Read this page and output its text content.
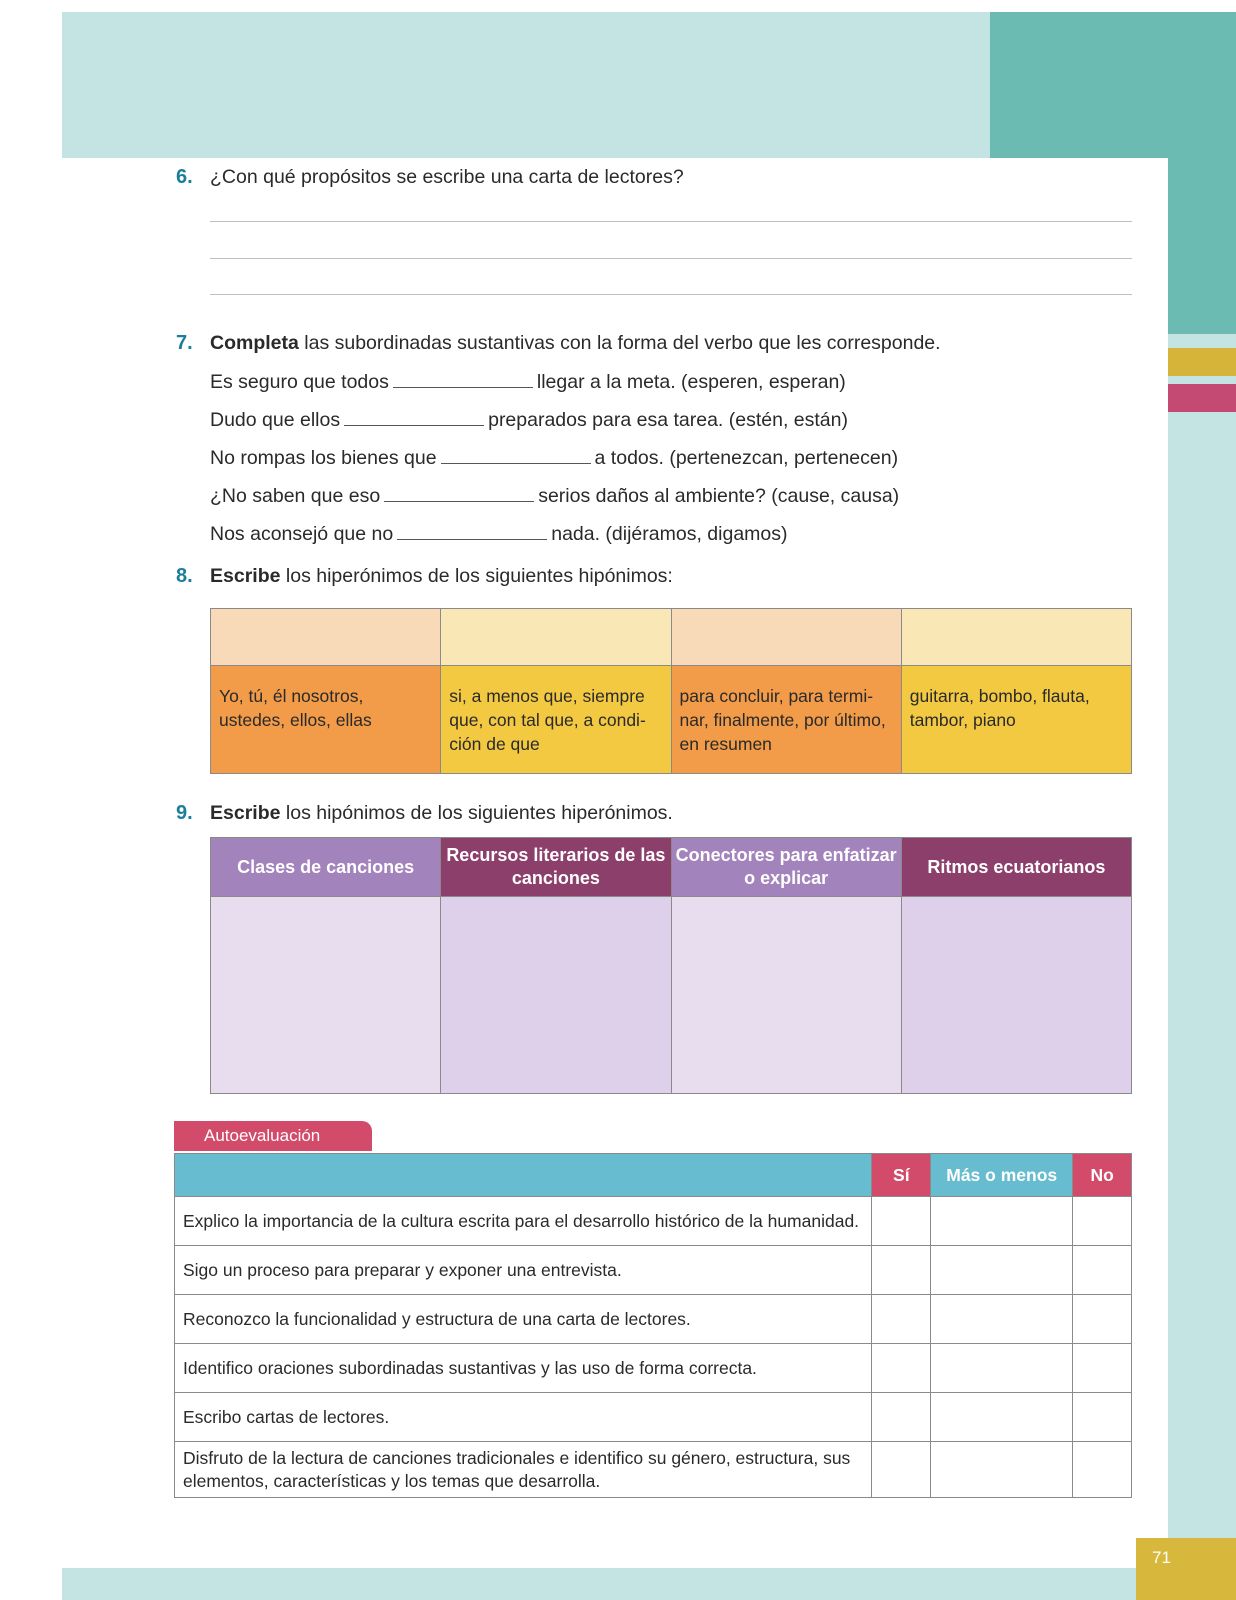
71
6. ¿Con qué propósitos se escribe una carta de lectores?
7. Completa las subordinadas sustantivas con la forma del verbo que les corresponde.
Es seguro que todos	llegar a la meta. (esperen, esperan)
Dudo que ellos	preparados para esa tarea. (estén, están)
No rompas los bienes que	a todos. (pertenezcan, pertenecen)
¿No saben que eso	serios daños al ambiente? (cause, causa)
Nos aconsejó que no	nada. (dijéramos, digamos)
8. Escribe los hiperónimos de los siguientes hipónimos:

Yo, tú, él nosotros, ustedes, ellos, ellas	si, a menos que, siempre que, con tal que, a condi-ción de que	para concluir, para termi-nar, finalmente, por último, en resumen	guitarra, bombo, flauta, tambor, piano
9. Escribe los hipónimos de los siguientes hiperónimos.
Clases de canciones	Recursos literarios de las canciones	Conectores para enfatizar o explicar	Ritmos ecuatorianos

Autoevaluación
	Sí	Más o menos	No
Explico la importancia de la cultura escrita para el desarrollo histórico de la humanidad.			
Sigo un proceso para preparar y exponer una entrevista.			
Reconozco la funcionalidad y estructura de una carta de lectores.			
Identifico oraciones subordinadas sustantivas y las uso de forma correcta.			
Escribo cartas de lectores.			
Disfruto de la lectura de canciones tradicionales e identifico su género, estructura, sus elementos, características y los temas que desarrolla.			
